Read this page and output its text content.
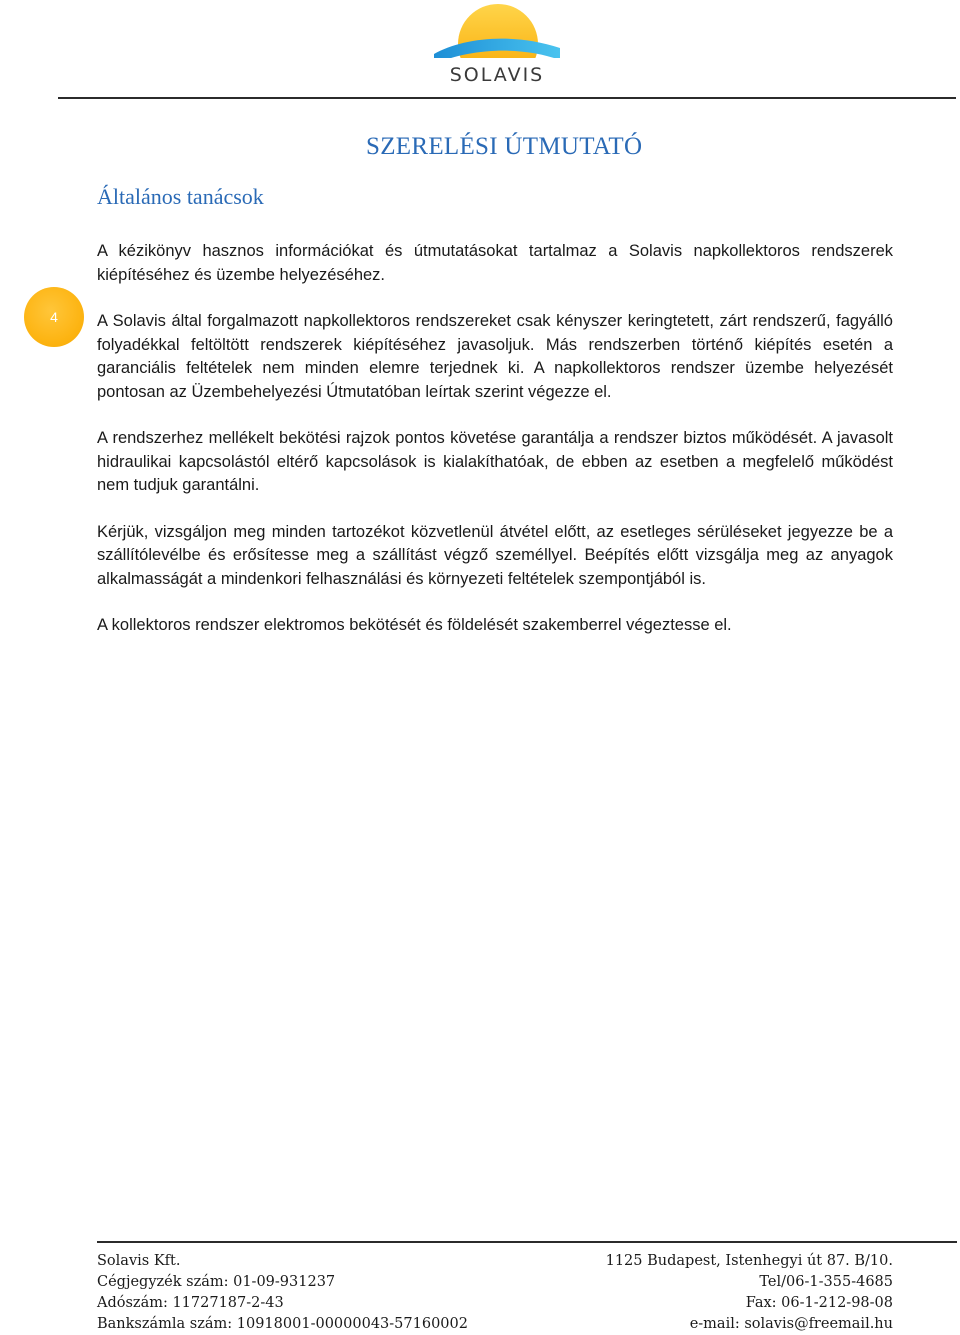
SOLAVIS
4
SZERELÉSI ÚTMUTATÓ
Általános tanácsok

A kézikönyv hasznos információkat és útmutatásokat tartalmaz a Solavis napkollektoros rendszerek kiépítéséhez és üzembe helyezéséhez.

A Solavis által forgalmazott napkollektoros rendszereket csak kényszer keringtetett, zárt rendszerű, fagyálló folyadékkal feltöltött rendszerek kiépítéséhez javasoljuk. Más rendszerben történő kiépítés esetén a garanciális feltételek nem minden elemre terjednek ki. A napkollektoros rendszer üzembe helyezését pontosan az Üzembehelyezési Útmutatóban leírtak szerint végezze el.

A rendszerhez mellékelt bekötési rajzok pontos követése garantálja a rendszer biztos működését. A javasolt hidraulikai kapcsolástól eltérő kapcsolások is kialakíthatóak, de ebben az esetben a megfelelő működést nem tudjuk garantálni.

Kérjük, vizsgáljon meg minden tartozékot közvetlenül átvétel előtt, az esetleges sérüléseket jegyezze be a szállítólevélbe és erősítesse meg a szállítást végző személlyel. Beépítés előtt vizsgálja meg az anyagok alkalmasságát a mindenkori felhasználási és környezeti feltételek szempontjából is.

A kollektoros rendszer elektromos bekötését és földelését szakemberrel végeztesse el.

Solavis Kft.	1125 Budapest, Istenhegyi út 87. B/10.
Cégjegyzék szám: 01-09-931237	Tel/06-1-355-4685
Adószám: 11727187-2-43	Fax: 06-1-212-98-08
Bankszámla szám: 10918001-00000043-57160002	e-mail: solavis@freemail.hu
